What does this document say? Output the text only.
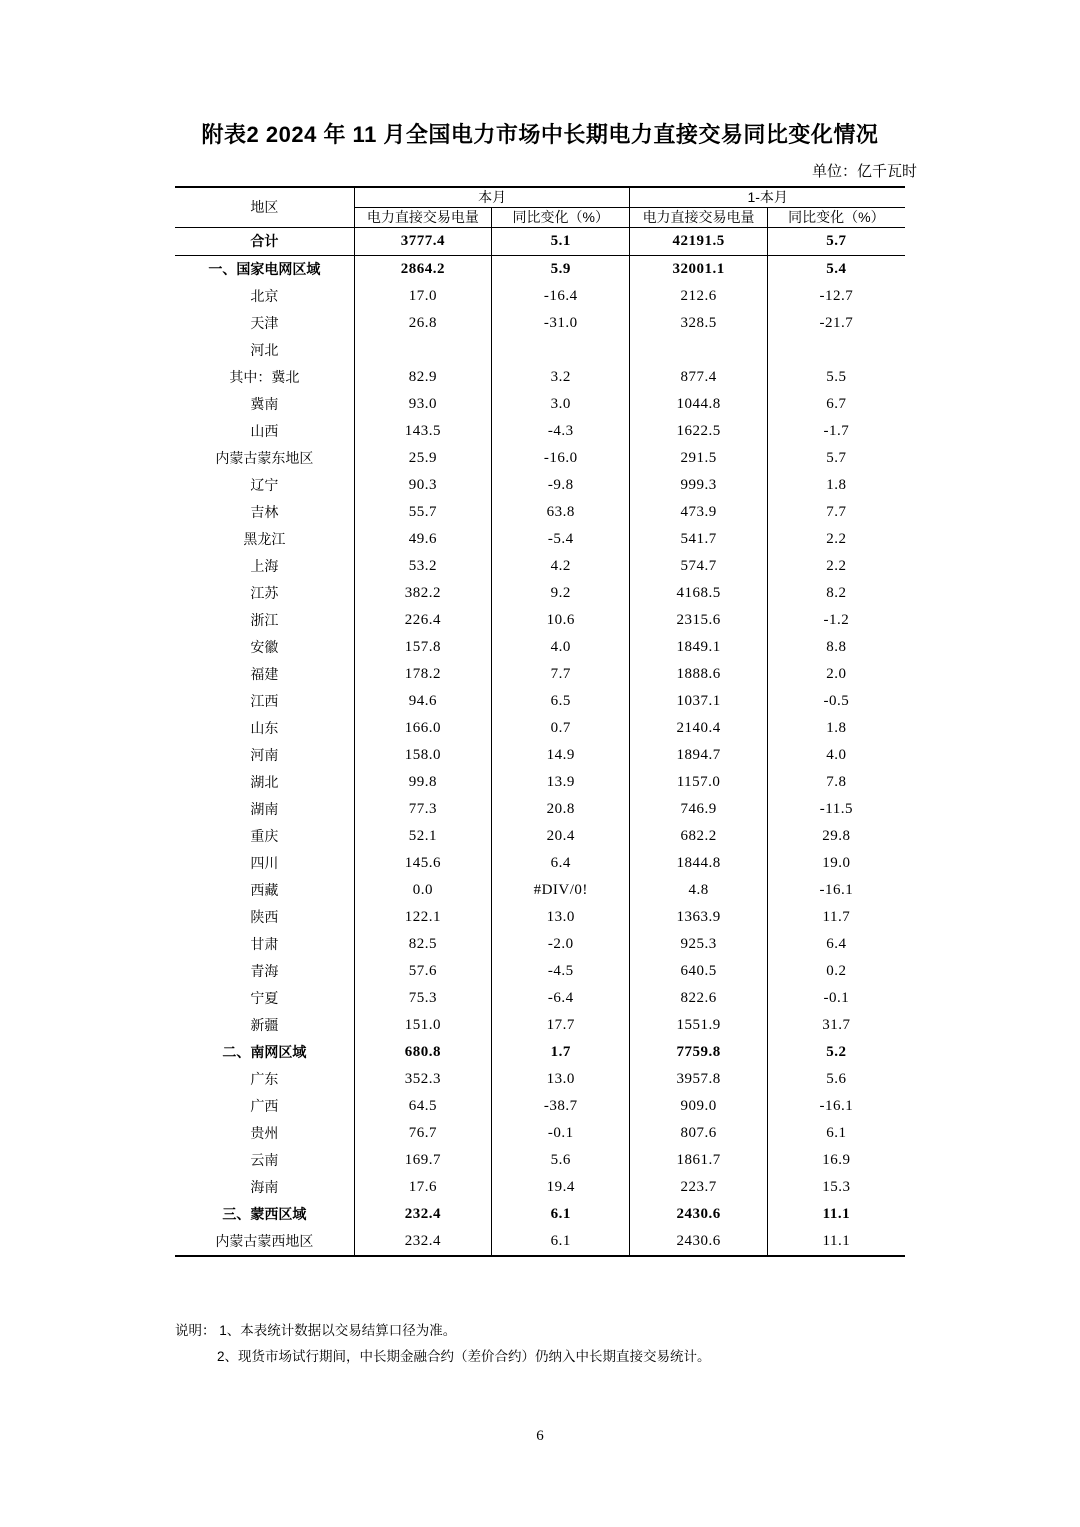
附表2 2024 年 11 月全国电力市场中长期电力直接交易同比变化情况
单位：亿千瓦时
地区	本月		1-本月	
	电力直接交易电量	同比变化（%）	电力直接交易电量	同比变化（%）
合计	3777.4	5.1	42191.5	5.7
一、国家电网区域	2864.2	5.9	32001.1	5.4
北京	17.0	-16.4	212.6	-12.7
天津	26.8	-31.0	328.5	-21.7
河北				
其中：冀北	82.9	3.2	877.4	5.5
冀南	93.0	3.0	1044.8	6.7
山西	143.5	-4.3	1622.5	-1.7
内蒙古蒙东地区	25.9	-16.0	291.5	5.7
辽宁	90.3	-9.8	999.3	1.8
吉林	55.7	63.8	473.9	7.7
黑龙江	49.6	-5.4	541.7	2.2
上海	53.2	4.2	574.7	2.2
江苏	382.2	9.2	4168.5	8.2
浙江	226.4	10.6	2315.6	-1.2
安徽	157.8	4.0	1849.1	8.8
福建	178.2	7.7	1888.6	2.0
江西	94.6	6.5	1037.1	-0.5
山东	166.0	0.7	2140.4	1.8
河南	158.0	14.9	1894.7	4.0
湖北	99.8	13.9	1157.0	7.8
湖南	77.3	20.8	746.9	-11.5
重庆	52.1	20.4	682.2	29.8
四川	145.6	6.4	1844.8	19.0
西藏	0.0	#DIV/0!	4.8	-16.1
陕西	122.1	13.0	1363.9	11.7
甘肃	82.5	-2.0	925.3	6.4
青海	57.6	-4.5	640.5	0.2
宁夏	75.3	-6.4	822.6	-0.1
新疆	151.0	17.7	1551.9	31.7
二、南网区域	680.8	1.7	7759.8	5.2
广东	352.3	13.0	3957.8	5.6
广西	64.5	-38.7	909.0	-16.1
贵州	76.7	-0.1	807.6	6.1
云南	169.7	5.6	1861.7	16.9
海南	17.6	19.4	223.7	15.3
三、蒙西区域	232.4	6.1	2430.6	11.1
内蒙古蒙西地区	232.4	6.1	2430.6	11.1
说明： 1、本表统计数据以交易结算口径为准。
2、现货市场试行期间，中长期金融合约（差价合约）仍纳入中长期直接交易统计。
6
